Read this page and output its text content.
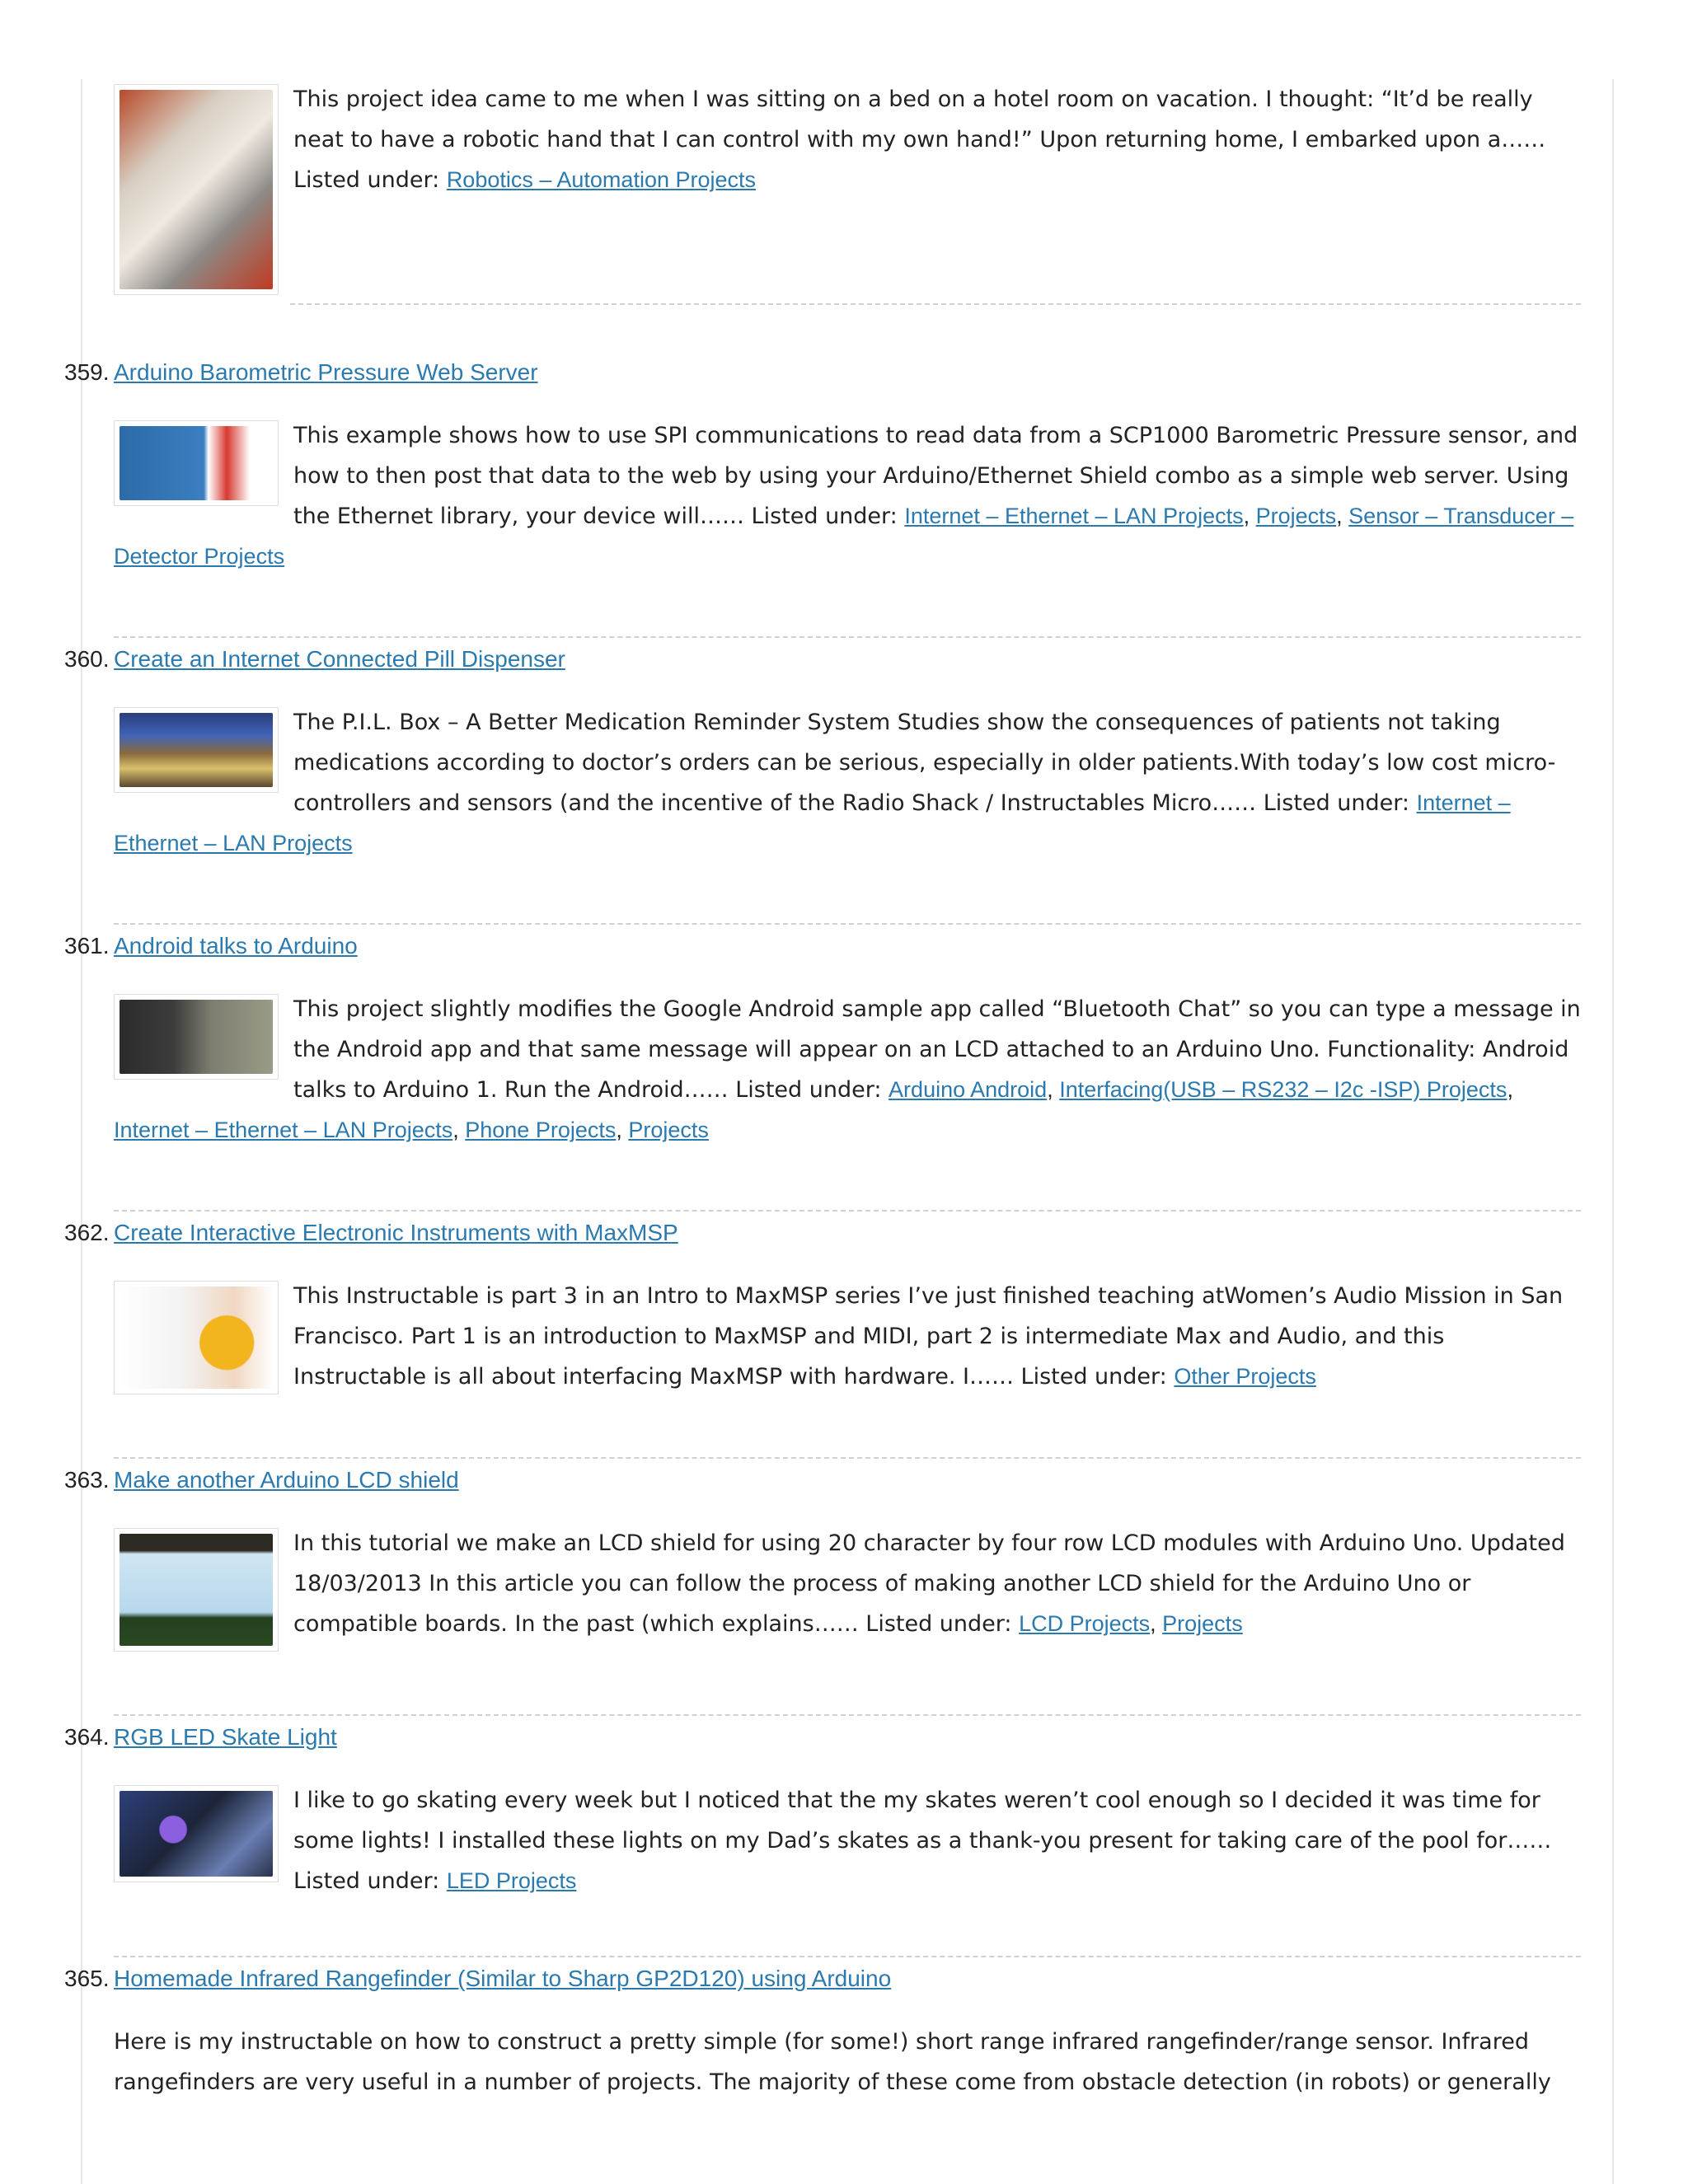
This project idea came to me when I was sitting on a bed on a hotel room on vacation. I thought: “It’d be really neat to have a robotic hand that I can control with my own hand!” Upon returning home, I embarked upon a…… Listed under: Robotics – Automation Projects
359. Arduino Barometric Pressure Web Server
This example shows how to use SPI communications to read data from a SCP1000 Barometric Pressure sensor, and how to then post that data to the web by using your Arduino/Ethernet Shield combo as a simple web server. Using the Ethernet library, your device will…… Listed under: Internet – Ethernet – LAN Projects, Projects, Sensor – Transducer – Detector Projects
360. Create an Internet Connected Pill Dispenser
The P.I.L. Box – A Better Medication Reminder System Studies show the consequences of patients not taking medications according to doctor’s orders can be serious, especially in older patients.With today’s low cost micro-controllers and sensors (and the incentive of the Radio Shack / Instructables Micro…… Listed under: Internet – Ethernet – LAN Projects
361. Android talks to Arduino
This project slightly modifies the Google Android sample app called “Bluetooth Chat” so you can type a message in the Android app and that same message will appear on an LCD attached to an Arduino Uno. Functionality: Android talks to Arduino 1. Run the Android…… Listed under: Arduino Android, Interfacing(USB – RS232 – I2c -ISP) Projects, Internet – Ethernet – LAN Projects, Phone Projects, Projects
362. Create Interactive Electronic Instruments with MaxMSP
This Instructable is part 3 in an Intro to MaxMSP series I’ve just finished teaching atWomen’s Audio Mission in San Francisco. Part 1 is an introduction to MaxMSP and MIDI, part 2 is intermediate Max and Audio, and this Instructable is all about interfacing MaxMSP with hardware. I…… Listed under: Other Projects
363. Make another Arduino LCD shield
In this tutorial we make an LCD shield for using 20 character by four row LCD modules with Arduino Uno. Updated 18/03/2013 In this article you can follow the process of making another LCD shield for the Arduino Uno or compatible boards. In the past (which explains…… Listed under: LCD Projects, Projects
364. RGB LED Skate Light
I like to go skating every week but I noticed that the my skates weren’t cool enough so I decided it was time for some lights! I installed these lights on my Dad’s skates as a thank-you present for taking care of the pool for…… Listed under: LED Projects
365. Homemade Infrared Rangefinder (Similar to Sharp GP2D120) using Arduino
Here is my instructable on how to construct a pretty simple (for some!) short range infrared rangefinder/range sensor. Infrared rangefinders are very useful in a number of projects. The majority of these come from obstacle detection (in robots) or generally
